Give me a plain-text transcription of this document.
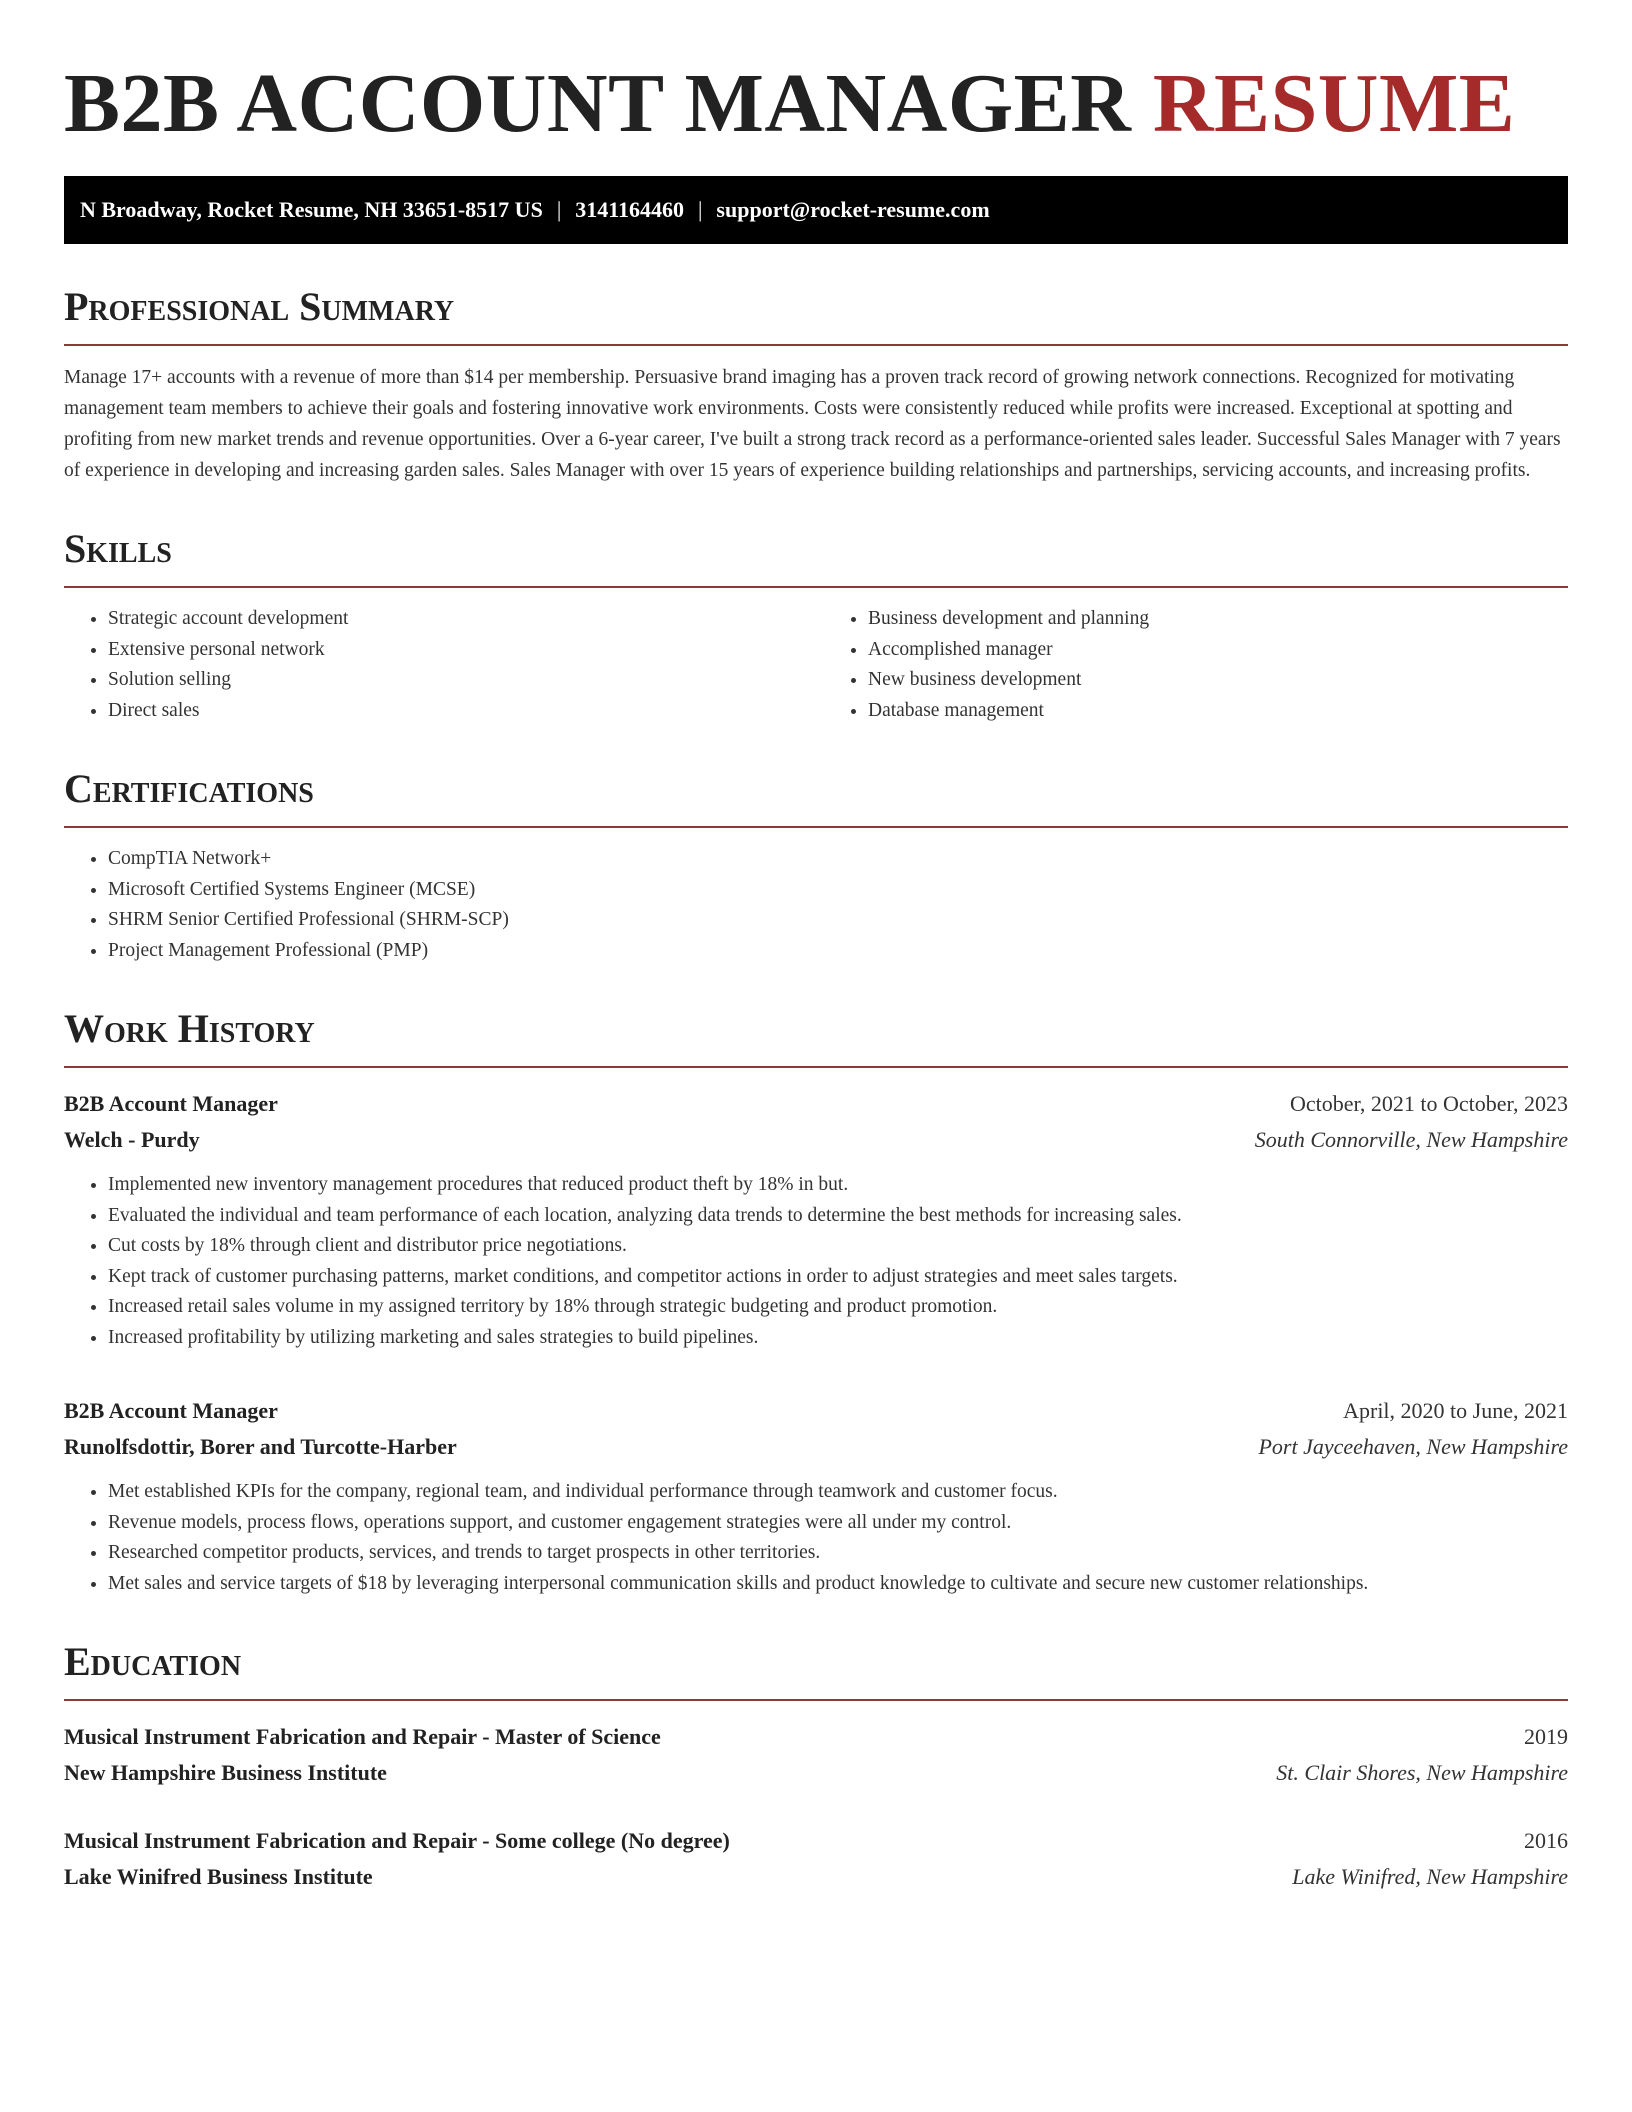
B2B ACCOUNT MANAGER RESUME
N Broadway, Rocket Resume, NH 33651-8517 US | 3141164460 | support@rocket-resume.com
Professional Summary

Manage 17+ accounts with a revenue of more than $14 per membership. Persuasive brand imaging has a proven track record of growing network connections. Recognized for motivating management team members to achieve their goals and fostering innovative work environments. Costs were consistently reduced while profits were increased. Exceptional at spotting and profiting from new market trends and revenue opportunities. Over a 6-year career, I've built a strong track record as a performance-oriented sales leader. Successful Sales Manager with 7 years of experience in developing and increasing garden sales. Sales Manager with over 15 years of experience building relationships and partnerships, servicing accounts, and increasing profits.

Skills
• Strategic account development
• Extensive personal network
• Solution selling
• Direct sales
• Business development and planning
• Accomplished manager
• New business development
• Database management
Certifications
• CompTIA Network+
• Microsoft Certified Systems Engineer (MCSE)
• SHRM Senior Certified Professional (SHRM-SCP)
• Project Management Professional (PMP)
Work History
B2B Account Manager	October, 2021 to October, 2023
Welch - Purdy	South Connorville, New Hampshire
• Implemented new inventory management procedures that reduced product theft by 18% in but.
• Evaluated the individual and team performance of each location, analyzing data trends to determine the best methods for increasing sales.
• Cut costs by 18% through client and distributor price negotiations.
• Kept track of customer purchasing patterns, market conditions, and competitor actions in order to adjust strategies and meet sales targets.
• Increased retail sales volume in my assigned territory by 18% through strategic budgeting and product promotion.
• Increased profitability by utilizing marketing and sales strategies to build pipelines.
B2B Account Manager	April, 2020 to June, 2021
Runolfsdottir, Borer and Turcotte-Harber	Port Jayceehaven, New Hampshire
• Met established KPIs for the company, regional team, and individual performance through teamwork and customer focus.
• Revenue models, process flows, operations support, and customer engagement strategies were all under my control.
• Researched competitor products, services, and trends to target prospects in other territories.
• Met sales and service targets of $18 by leveraging interpersonal communication skills and product knowledge to cultivate and secure new customer relationships.
Education
Musical Instrument Fabrication and Repair - Master of Science	2019
New Hampshire Business Institute	St. Clair Shores, New Hampshire
Musical Instrument Fabrication and Repair - Some college (No degree)	2016
Lake Winifred Business Institute	Lake Winifred, New Hampshire
